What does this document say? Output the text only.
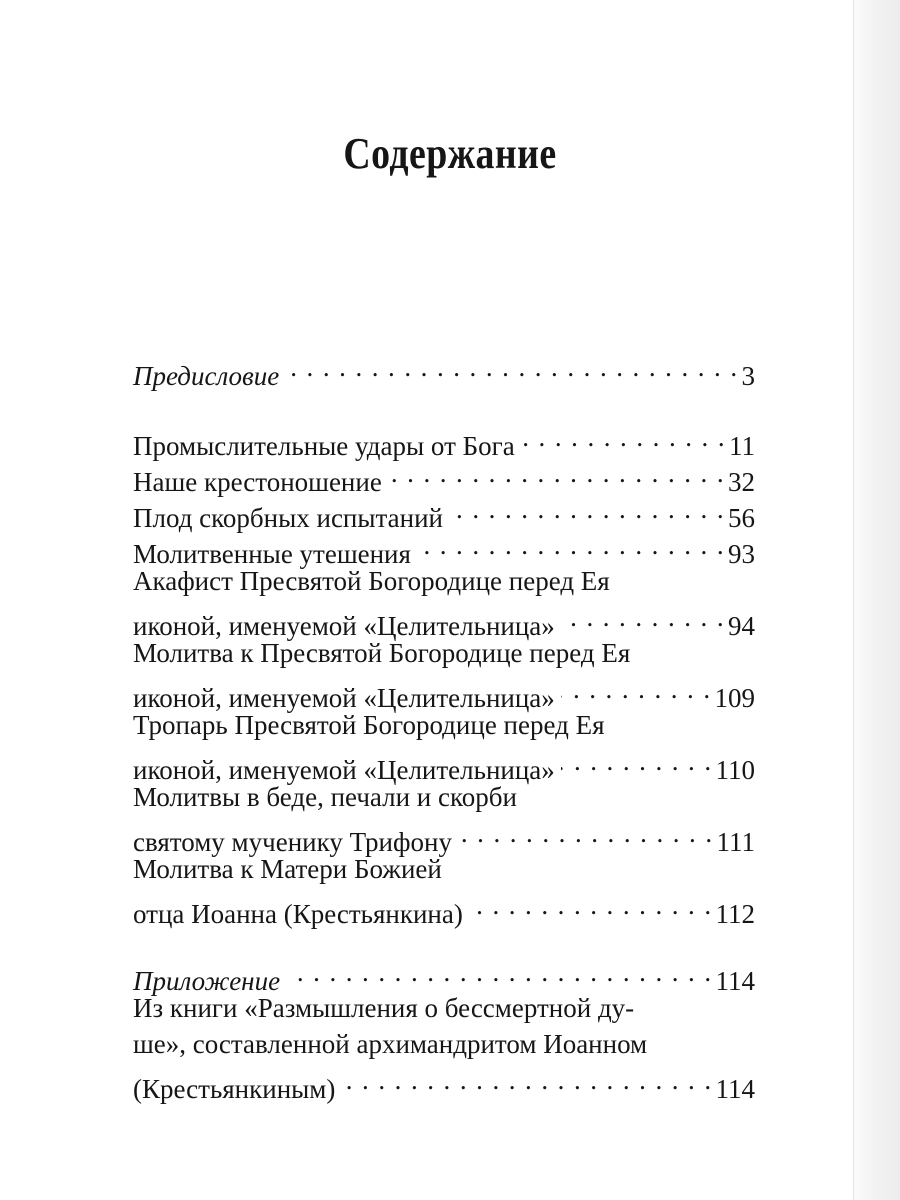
Содержание
Предисловие . . .	3
Промыслительные удары от Бога . . .	11
Наше крестоношение . . .	32
Плод скорбных испытаний . . .	56
Молитвенные утешения . . .	93
Акафист Пресвятой Богородице перед Ея
иконой, именуемой «Целительница» . . .	94
Молитва к Пресвятой Богородице перед Ея
иконой, именуемой «Целительница» . . .	109
Тропарь Пресвятой Богородице перед Ея
иконой, именуемой «Целительница» . . .	110
Молитвы в беде, печали и скорби
святому мученику Трифону . . .	111
Молитва к Матери Божией
отца Иоанна (Крестьянкина) . . .	112
Приложение . . .	114
Из книги «Размышления о бессмертной ду-
ше», составленной архимандритом Иоанном
(Крестьянкиным) . . .	114
